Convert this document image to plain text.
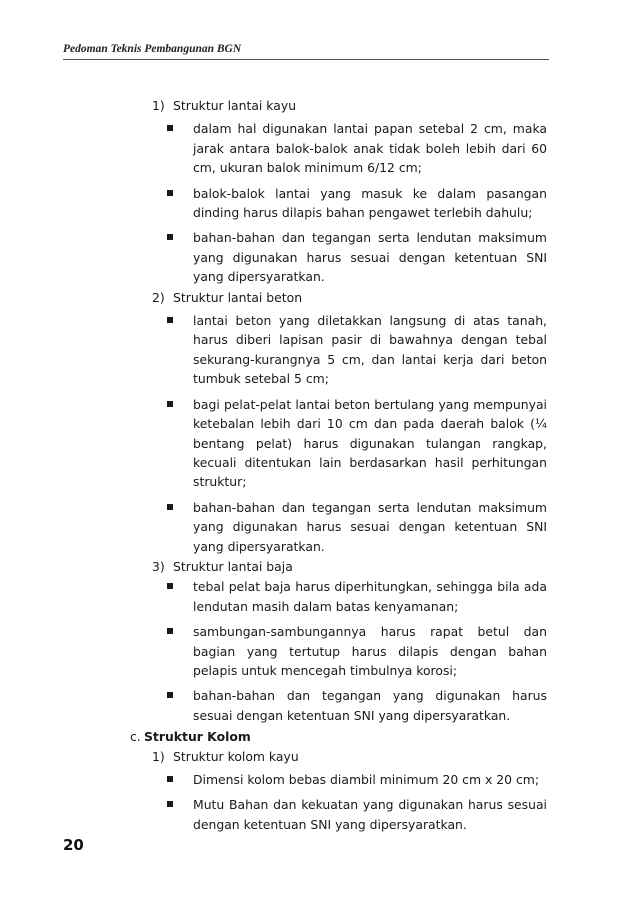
Pedoman Teknis Pembangunan BGN
1) Struktur lantai kayu
dalam hal digunakan lantai papan setebal 2 cm, maka jarak antara balok-balok anak tidak boleh lebih dari 60 cm, ukuran balok minimum 6/12 cm;
balok-balok lantai yang masuk ke dalam pasangan dinding harus dilapis bahan pengawet terlebih dahulu;
bahan-bahan dan tegangan serta lendutan maksimum yang digunakan harus sesuai dengan ketentuan SNI yang dipersyaratkan.
2) Struktur lantai beton
lantai beton yang diletakkan langsung di atas tanah, harus diberi lapisan pasir di bawahnya dengan tebal sekurang-kurangnya 5 cm, dan lantai kerja dari beton tumbuk setebal 5 cm;
bagi pelat-pelat lantai beton bertulang yang mempunyai ketebalan lebih dari 10 cm dan pada daerah balok (¼ bentang pelat) harus digunakan tulangan rangkap, kecuali ditentukan lain berdasarkan hasil perhitungan struktur;
bahan-bahan dan tegangan serta lendutan maksimum yang digunakan harus sesuai dengan ketentuan SNI yang dipersyaratkan.
3) Struktur lantai baja
tebal pelat baja harus diperhitungkan, sehingga bila ada lendutan masih dalam batas kenyamanan;
sambungan-sambungannya harus rapat betul dan bagian yang tertutup harus dilapis dengan bahan pelapis untuk mencegah timbulnya korosi;
bahan-bahan dan tegangan yang digunakan harus sesuai dengan ketentuan SNI yang dipersyaratkan.
c. Struktur Kolom
1) Struktur kolom kayu
Dimensi kolom bebas diambil minimum 20 cm x 20 cm;
Mutu Bahan dan kekuatan yang digunakan harus sesuai dengan ketentuan SNI yang dipersyaratkan.
20
